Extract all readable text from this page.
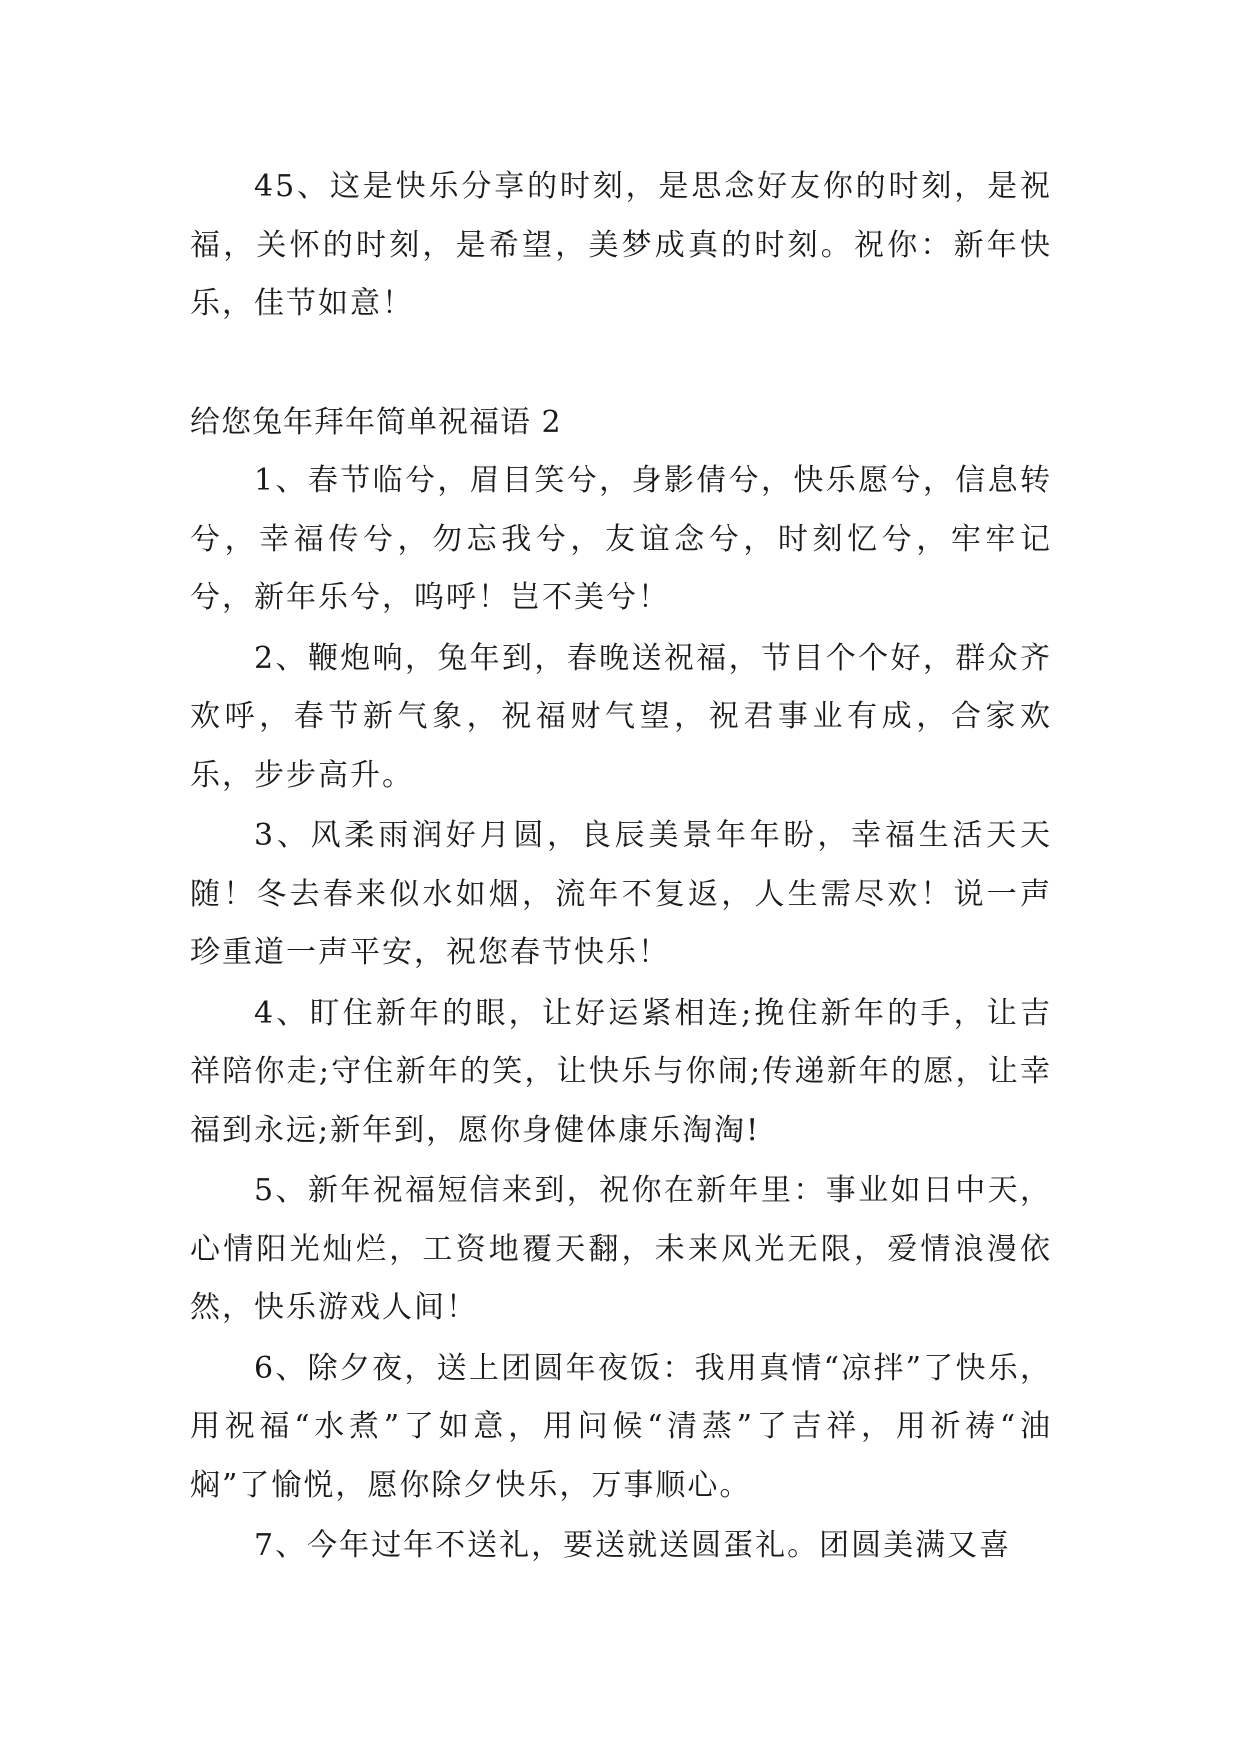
45、这是快乐分享的时刻，是思念好友你的时刻，是祝福，关怀的时刻，是希望，美梦成真的时刻。祝你：新年快乐，佳节如意！

给您兔年拜年简单祝福语 2

1、春节临兮，眉目笑兮，身影倩兮，快乐愿兮，信息转兮，幸福传兮，勿忘我兮，友谊念兮，时刻忆兮，牢牢记兮，新年乐兮，呜呼！岂不美兮！

2、鞭炮响，兔年到，春晚送祝福，节目个个好，群众齐欢呼，春节新气象，祝福财气望，祝君事业有成，合家欢乐，步步高升。

3、风柔雨润好月圆，良辰美景年年盼，幸福生活天天随！冬去春来似水如烟，流年不复返，人生需尽欢！说一声珍重道一声平安，祝您春节快乐！

4、盯住新年的眼，让好运紧相连;挽住新年的手，让吉祥陪你走;守住新年的笑，让快乐与你闹;传递新年的愿，让幸福到永远;新年到，愿你身健体康乐淘淘!

5、新年祝福短信来到，祝你在新年里：事业如日中天，心情阳光灿烂，工资地覆天翻，未来风光无限，爱情浪漫依然，快乐游戏人间！

6、除夕夜，送上团圆年夜饭：我用真情“凉拌”了快乐，用祝福“水煮”了如意，用问候“清蒸”了吉祥，用祈祷“油焖”了愉悦，愿你除夕快乐，万事顺心。

7、今年过年不送礼，要送就送圆蛋礼。团圆美满又喜
